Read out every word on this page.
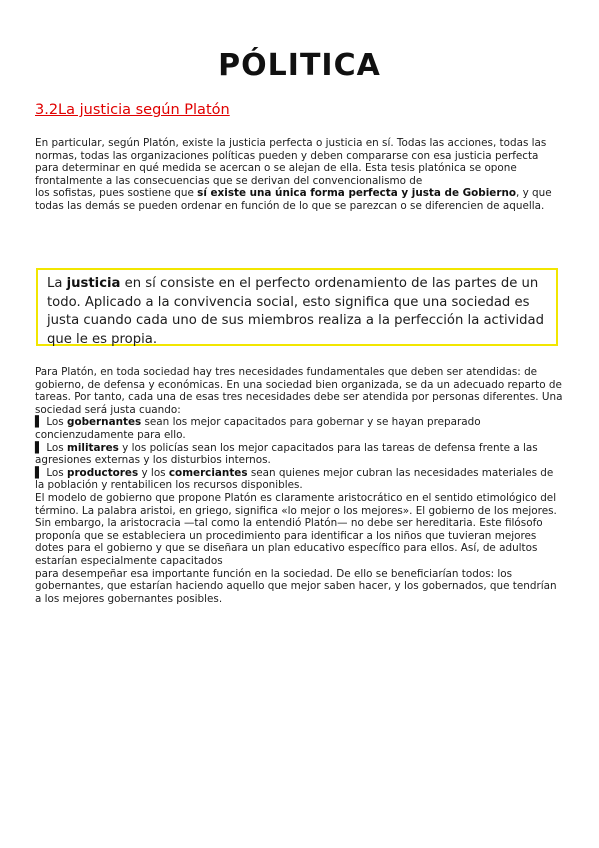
PÓLITICA
3.2La justicia según Platón

En particular, según Platón, existe la justicia perfecta o justicia en sí. Todas las acciones, todas las normas, todas las organizaciones políticas pueden y deben compararse con esa justicia perfecta para determinar en qué medida se acercan o se alejan de ella. Esta tesis platónica se opone frontalmente a las consecuencias que se derivan del convencionalismo de
los sofistas, pues sostiene que sí existe una única forma perfecta y justa de Gobierno, y que todas las demás se pueden ordenar en función de lo que se parezcan o se diferencien de aquella.

La justicia en sí consiste en el perfecto ordenamiento de las partes de un todo. Aplicado a la convivencia social, esto significa que una sociedad es justa cuando cada uno de sus miembros realiza a la perfección la actividad que le es propia.

Para Platón, en toda sociedad hay tres necesidades fundamentales que deben ser atendidas: de gobierno, de defensa y económicas. En una sociedad bien organizada, se da un adecuado reparto de tareas. Por tanto, cada una de esas tres necesidades debe ser atendida por personas diferentes. Una sociedad será justa cuando:

▌ Los gobernantes sean los mejor capacitados para gobernar y se hayan preparado concienzudamente para ello.

▌ Los militares y los policías sean los mejor capacitados para las tareas de defensa frente a las agresiones externas y los disturbios internos.

▌ Los productores y los comerciantes sean quienes mejor cubran las necesidades materiales de la población y rentabilicen los recursos disponibles.

El modelo de gobierno que propone Platón es claramente aristocrático en el sentido etimológico del término. La palabra aristoi, en griego, significa «lo mejor o los mejores». El gobierno de los mejores.

Sin embargo, la aristocracia —tal como la entendió Platón— no debe ser hereditaria. Este filósofo proponía que se estableciera un procedimiento para identificar a los niños que tuvieran mejores dotes para el gobierno y que se diseñara un plan educativo específico para ellos. Así, de adultos estarían especialmente capacitados

para desempeñar esa importante función en la sociedad. De ello se beneficiarían todos: los gobernantes, que estarían haciendo aquello que mejor saben hacer, y los gobernados, que tendrían a los mejores gobernantes posibles.
